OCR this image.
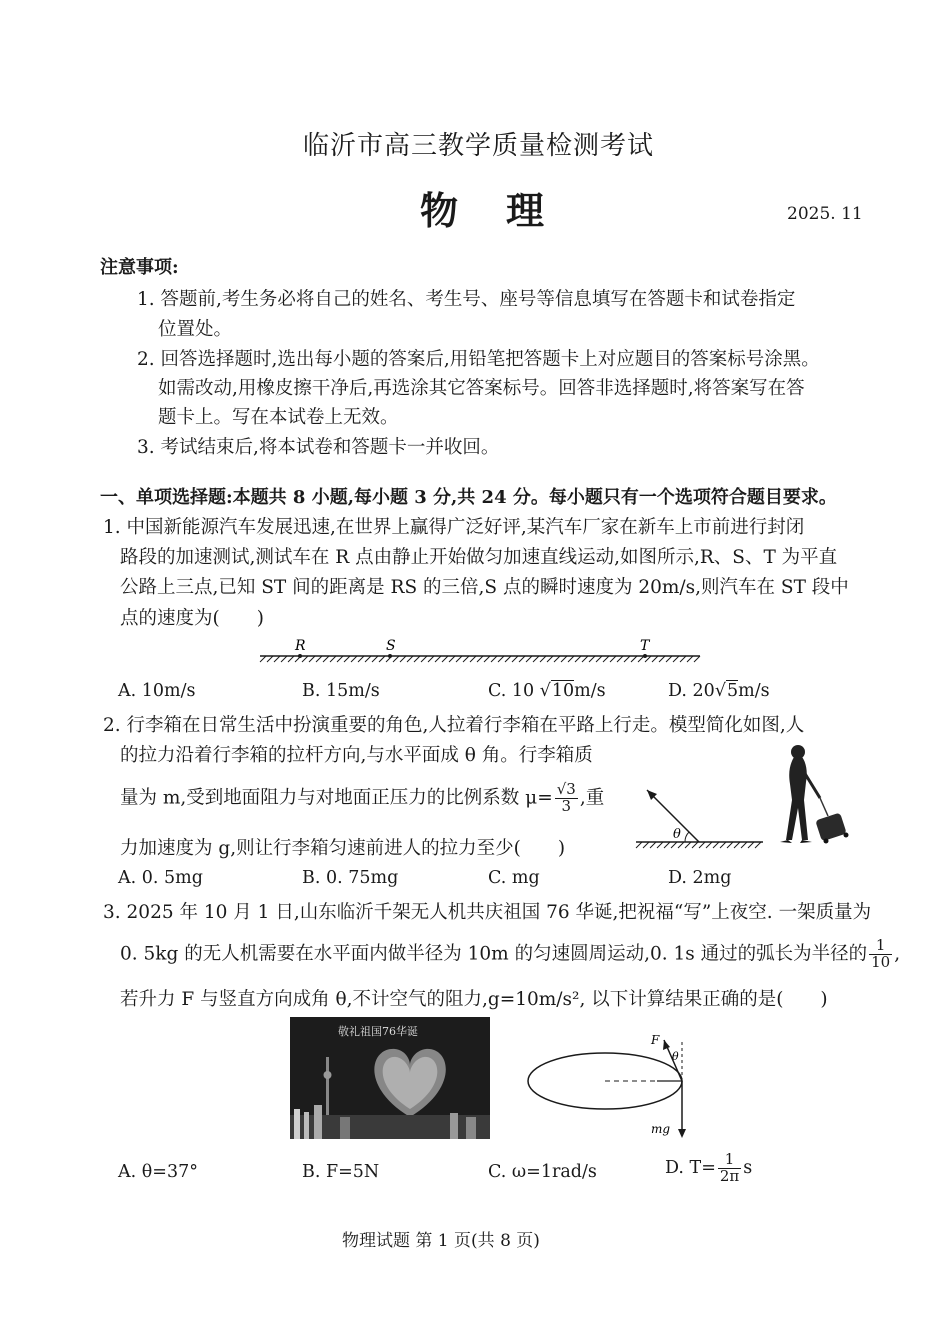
临沂市高三教学质量检测考试
物 理	2025. 11
注意事项:
1. 答题前,考生务必将自己的姓名、考生号、座号等信息填写在答题卡和试卷指定
位置处。
2. 回答选择题时,选出每小题的答案后,用铅笔把答题卡上对应题目的答案标号涂黑。
如需改动,用橡皮擦干净后,再选涂其它答案标号。回答非选择题时,将答案写在答
题卡上。写在本试卷上无效。
3. 考试结束后,将本试卷和答题卡一并收回。
一、单项选择题:本题共 8 小题,每小题 3 分,共 24 分。每小题只有一个选项符合题目要求。
1. 中国新能源汽车发展迅速,在世界上赢得广泛好评,某汽车厂家在新车上市前进行封闭
路段的加速测试,测试车在 R 点由静止开始做匀加速直线运动,如图所示,R、S、T 为平直
公路上三点,已知 ST 间的距离是 RS 的三倍,S 点的瞬时速度为 20m/s,则汽车在 ST 段中
点的速度为(　　)
R	S	T
A. 10m/s	B. 15m/s	C. 10 √10m/s	D. 20√5m/s
2. 行李箱在日常生活中扮演重要的角色,人拉着行李箱在平路上行走。模型简化如图,人
的拉力沿着行李箱的拉杆方向,与水平面成 θ 角。行李箱质
量为 m,受到地面阻力与对地面正压力的比例系数 $\mu= \frac{√3}{3}$ ,重
力加速度为 g,则让行李箱匀速前进人的拉力至少(　　)
θ
A. 0. 5mg	B. 0. 75mg	C. mg	D. 2mg
3. 2025 年 10 月 1 日,山东临沂千架无人机共庆祖国 76 华诞,把祝福“写”上夜空. 一架质量为
0. 5kg 的无人机需要在水平面内做半径为 10m 的匀速圆周运动,0. 1s 通过的弧长为半径的 $\frac{1}{10}$ ,
若升力 F 与竖直方向成角 θ,不计空气的阻力,g=10m/s², 以下计算结果正确的是(　　)
敬礼祖国76华诞
F
θ
mg
A. θ=37°	B. F=5N	C. ω=1rad/s	D. $T= \frac{1}{2\pi}$ s
物理试题 第 1 页(共 8 页)
